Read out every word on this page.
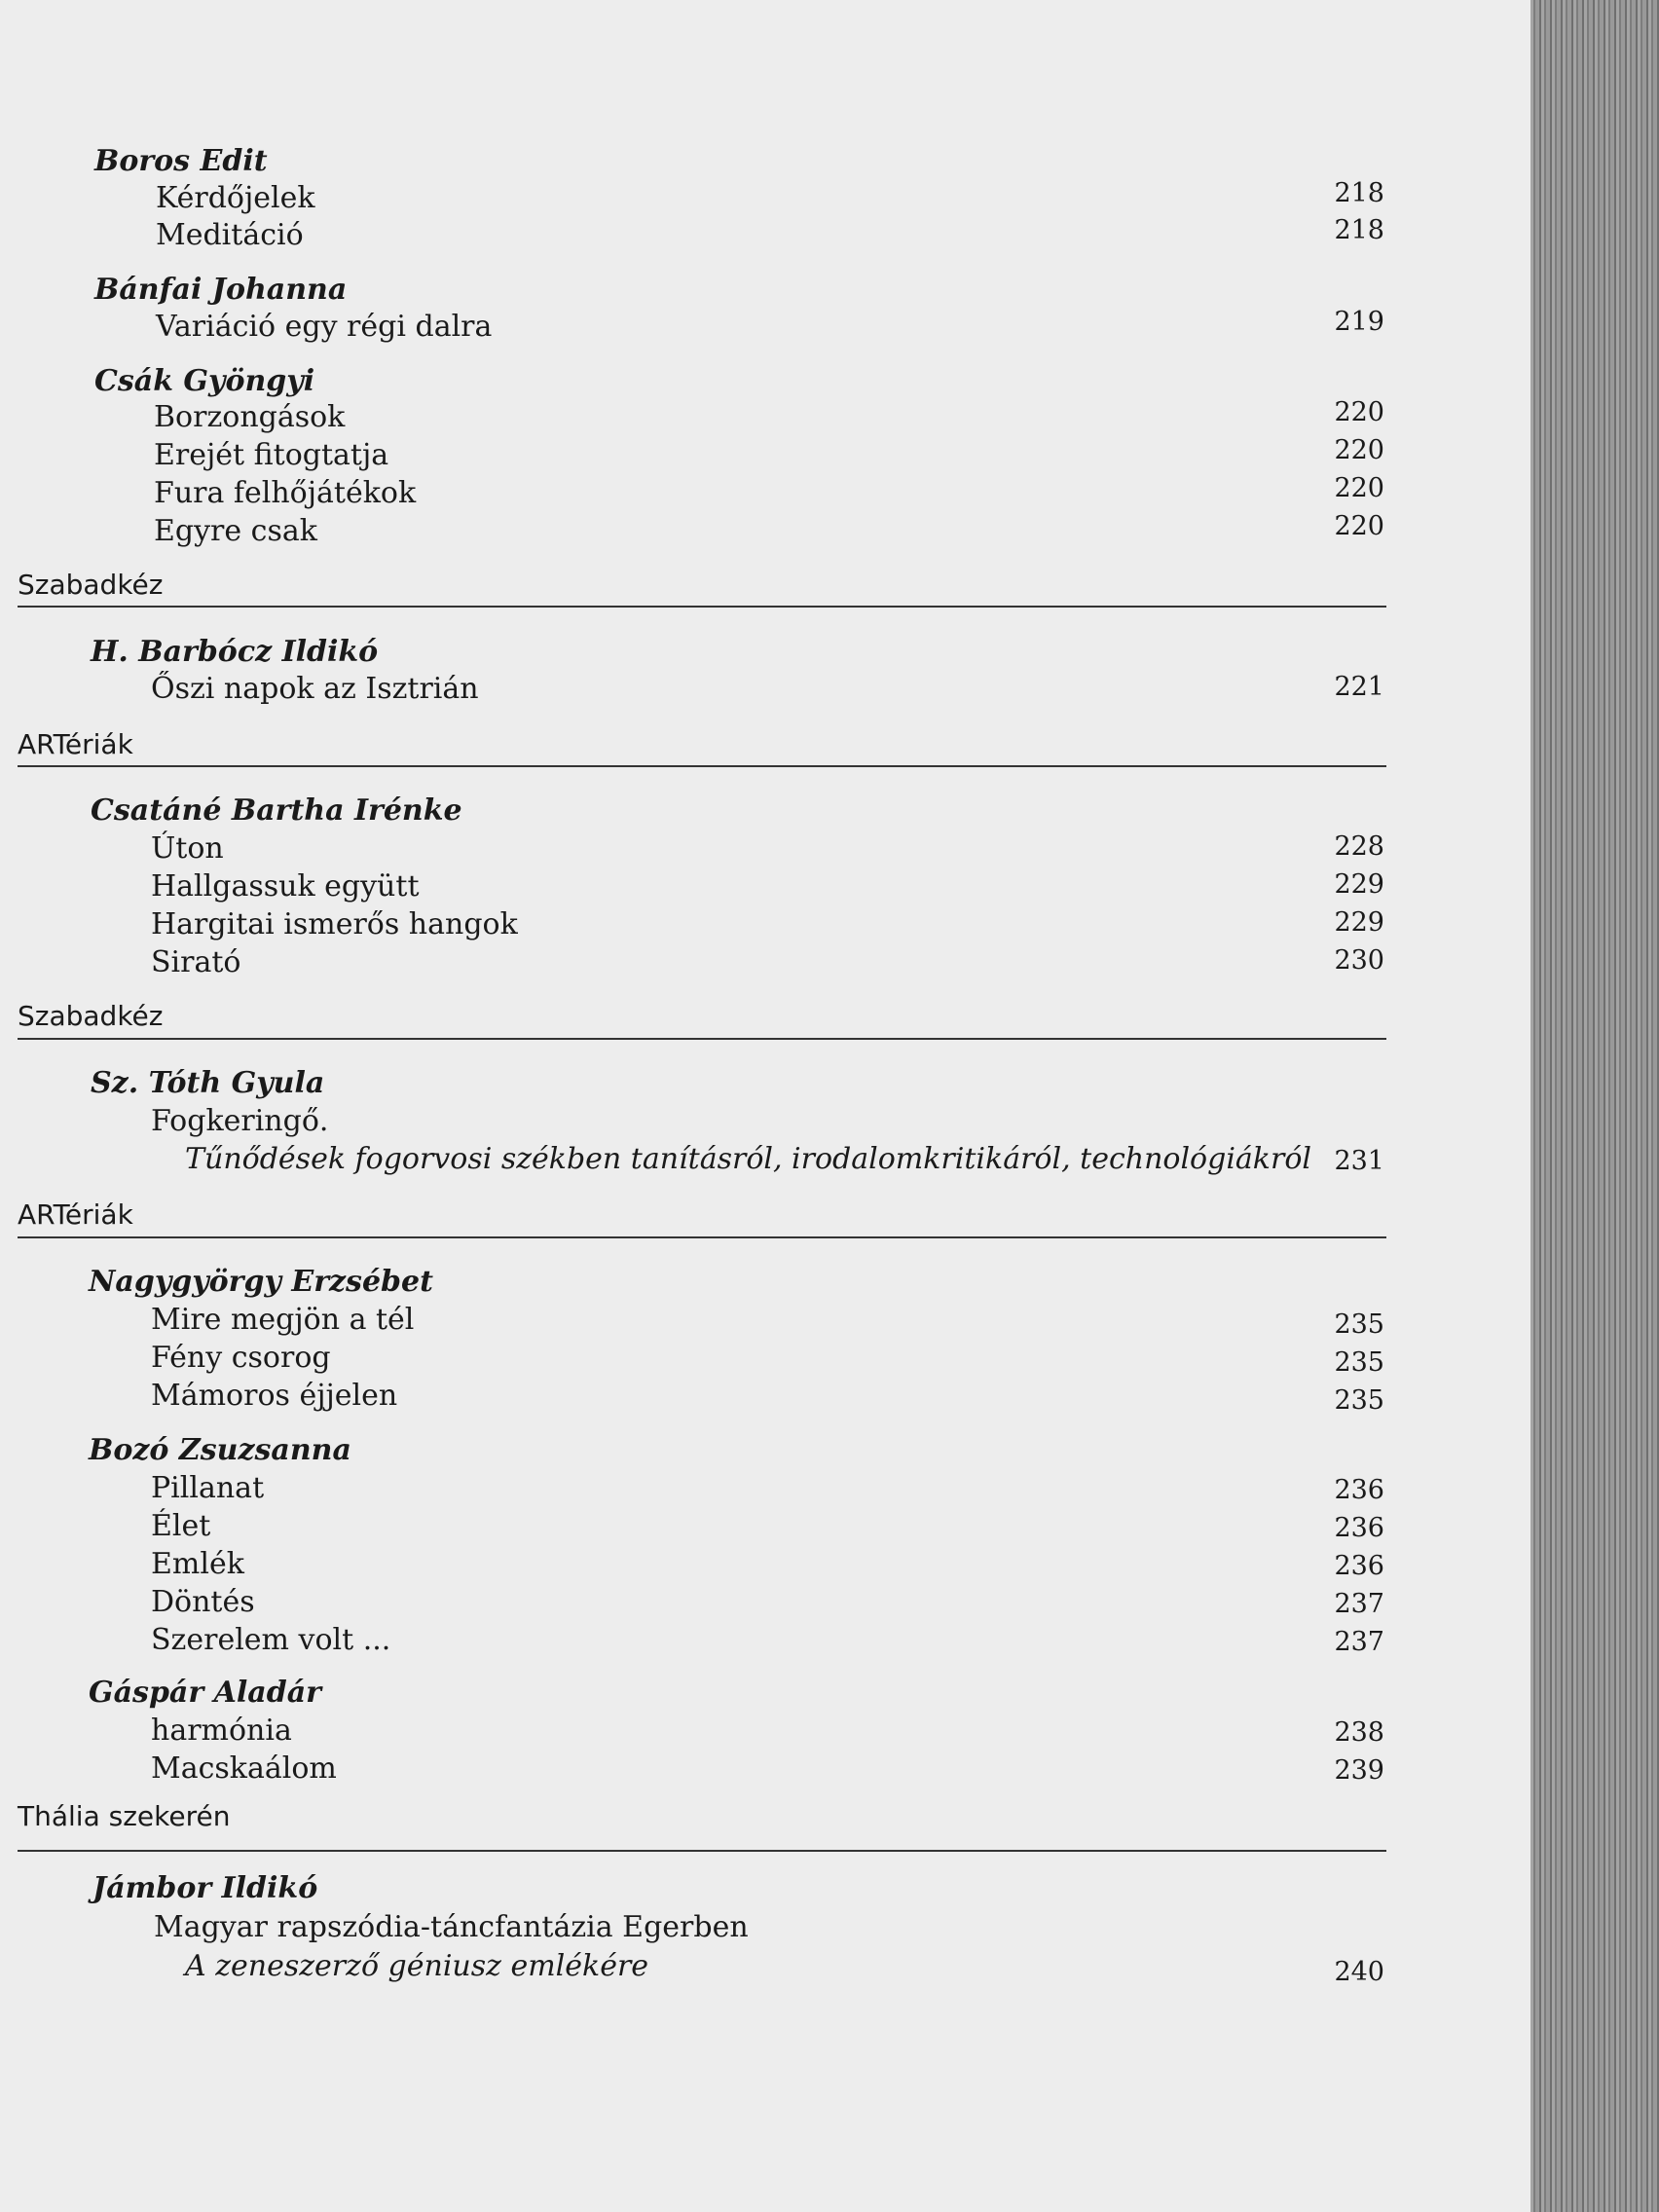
Boros Edit
Kérdőjelek	218
Meditáció	218
Bánfai Johanna
Variáció egy régi dalra	219
Csák Gyöngyi
Borzongások	220
Erejét fitogtatja	220
Fura felhőjátékok	220
Egyre csak	220
Szabadkéz
H. Barbócz Ildikó
Őszi napok az Isztrián	221
ARTériák
Csatáné Bartha Irénke
Úton	228
Hallgassuk együtt	229
Hargitai ismerős hangok	229
Sirató	230
Szabadkéz
Sz. Tóth Gyula
Fogkeringő.
Tűnődések fogorvosi székben tanításról, irodalomkritikáról, technológiákról 231
ARTériák
Nagygyörgy Erzsébet
Mire megjön a tél	235
Fény csorog	235
Mámoros éjjelen	235
Bozó Zsuzsanna
Pillanat	236
Élet	236
Emlék	236
Döntés	237
Szerelem volt ...	237
Gáspár Aladár
harmónia	238
Macskaálom	239
Thália szekerén
Jámbor Ildikó
Magyar rapszódia-táncfantázia Egerben
A zeneszerző géniusz emlékére	240
